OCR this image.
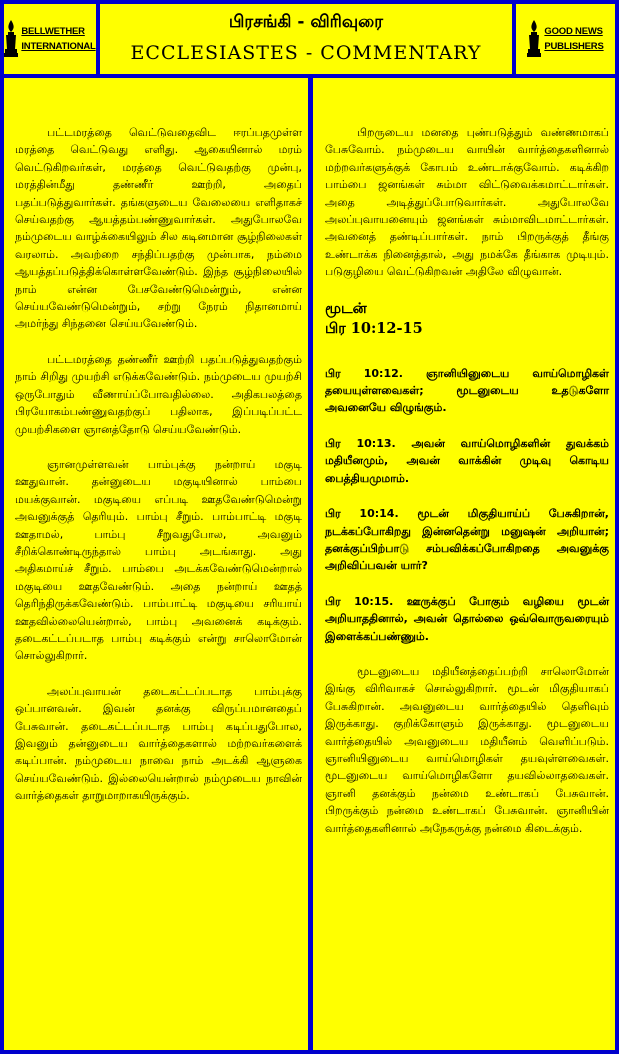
BELLWETHER
INTERNATIONAL
பிரசங்கி - விரிவுரை
ECCLESIASTES - COMMENTARY
GOOD NEWS
PUBLISHERS

பட்டமரத்தை வெட்டுவதைவிட ஈரப்பதமுள்ள மரத்தை வெட்டுவது எளிது. ஆகையினால் மரம் வெட்டுகிறவர்கள், மரத்தை வெட்டுவதற்கு முன்பு, மரத்தின்மீது தண்ணீர் ஊற்றி, அதைப் பதப்படுத்துவார்கள். தங்களுடைய வேலையை எளிதாகச் செய்வதற்கு ஆயத்தம்பண்ணுவார்கள். அதுபோலவே நம்முடைய வாழ்க்கையிலும் சில கடினமான சூழ்நிலைகள் வரலாம். அவற்றை சந்திப்பதற்கு முன்பாக, நம்மை ஆயத்தப்படுத்திக்கொள்ளவேண்டும். இந்த சூழ்நிலையில் நாம் என்ன பேசவேண்டுமென்றும், என்ன செய்யவேண்டுமென்றும், சற்று நேரம் நிதானமாய் அமர்ந்து சிந்தனை செய்யவேண்டும்.

பட்டமரத்தை தண்ணீர் ஊற்றி பதப்படுத்துவதற்கும் நாம் சிறிது முயற்சி எடுக்கவேண்டும். நம்முடைய முயற்சி ஒருபோதும் வீணாய்ப்போவதில்லை. அதிகபலத்தை பிரயோகம்பண்ணுவதற்குப் பதிலாக, இப்படிப்பட்ட முயற்சிகளை ஞானத்தோடு செய்யவேண்டும்.

ஞானமுள்ளவன் பாம்புக்கு நன்றாய் மகுடி ஊதுவான். தன்னுடைய மகுடியினால் பாம்பை மயக்குவான். மகுடியை எப்படி ஊதவேண்டுமென்று அவனுக்குத் தெரியும். பாம்பு சீறும். பாம்பாட்டி மகுடி ஊதாமல், பாம்பு சீறுவதுபோல, அவனும் சீறிக்கொண்டிருந்தால் பாம்பு அடங்காது. அது அதிகமாய்ச் சீறும். பாம்பை அடக்கவேண்டுமென்றால் மகுடியை ஊதவேண்டும். அதை நன்றாய் ஊதத் தெரிந்திருக்கவேண்டும். பாம்பாட்டி மகுடியை சரியாய் ஊதவில்லையென்றால், பாம்பு அவனைக் கடிக்கும். தடைகட்டப்படாத பாம்பு கடிக்கும் என்று சாலொமோன் சொல்லுகிறார்.

அலப்புவாயன் தடைகட்டப்படாத பாம்புக்கு ஒப்பானவன். இவன் தனக்கு விருப்பமானதைப் பேசுவான். தடைகட்டப்படாத பாம்பு கடிப்பதுபோல, இவனும் தன்னுடைய வார்த்தைகளால் மற்றவர்களைக் கடிப்பான். நம்முடைய நாவை நாம் அடக்கி ஆளுகை செய்யவேண்டும். இல்லையென்றால் நம்முடைய நாவின் வார்த்தைகள் தாறுமாறாகயிருக்கும்.

பிறருடைய மனதை புண்படுத்தும் வண்ணமாகப் பேசுவோம். நம்முடைய வாயின் வார்த்தைகளினால் மற்றவர்களுக்குக் கோபம் உண்டாக்குவோம். கடிக்கிற பாம்பை ஜனங்கள் சும்மா விட்டுவைக்கமாட்டார்கள். அதை அடித்துப்போடுவார்கள். அதுபோலவே அலப்புவாயனையும் ஜனங்கள் சும்மாவிடமாட்டார்கள். அவனைத் தண்டிப்பார்கள். நாம் பிறருக்குத் தீங்கு உண்டாக்க நினைத்தால், அது நமக்கே தீங்காக முடியும். படுகுழியை வெட்டுகிறவன் அதிலே விழுவான்.

மூடன்
பிர 10:12-15

பிர 10:12. ஞானியினுடைய வாய்மொழிகள் தயையுள்ளவைகள்; மூடனுடைய உதடுகளோ அவனையே விழுங்கும்.

பிர 10:13. அவன் வாய்மொழிகளின் துவக்கம் மதியீனமும், அவன் வாக்கின் முடிவு கொடிய பைத்தியமுமாம்.

பிர 10:14. மூடன் மிகுதியாய்ப் பேசுகிறான், நடக்கப்போகிறது இன்னதென்று மனுஷன் அறியான்; தனக்குப்பிற்பாடு சம்பவிக்கப்போகிறதை அவனுக்கு அறிவிப்பவன் யார்?

பிர 10:15. ஊருக்குப் போகும் வழியை மூடன் அறியாததினால், அவன் தொல்லை ஒவ்வொருவரையும் இளைக்கப்பண்ணும்.

மூடனுடைய மதியீனத்தைப்பற்றி சாலொமோன் இங்கு விரிவாகச் சொல்லுகிறார். மூடன் மிகுதியாகப் பேசுகிறான். அவனுடைய வார்த்தையில் தெளிவும் இருக்காது. குறிக்கோளும் இருக்காது. மூடனுடைய வார்த்தையில் அவனுடைய மதியீனம் வெளிப்படும். ஞானியினுடைய வாய்மொழிகள் தயவுள்ளவைகள். மூடனுடைய வாய்மொழிகளோ தயவில்லாதவைகள். ஞானி தனக்கும் நன்மை உண்டாகப் பேசுவான். பிறருக்கும் நன்மை உண்டாகப் பேசுவான். ஞானியின் வார்த்தைகளினால் அநேகருக்கு நன்மை கிடைக்கும்.
